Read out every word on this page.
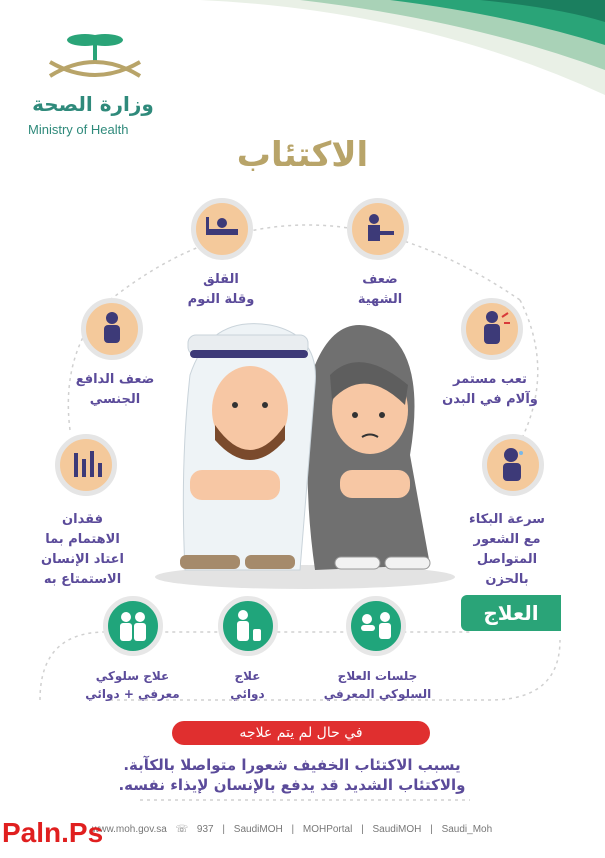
وزارة الصحة
Ministry of Health
الاكتئاب
القلق
وقلة النوم
ضعف
الشهية
ضعف الدافع
الجنسي
تعب مستمر
وآلام في البدن
فقدان
الاهتمام بما
اعتاد الإنسان
الاستمتاع به
سرعة البكاء
مع الشعور
المتواصل
بالحزن
العلاج
علاج سلوكي
معرفي + دوائي
علاج
دوائي
جلسات العلاج
السلوكي المعرفي
في حال لم يتم علاجه
يسبب الاكتئاب الخفيف شعورا متواصلا بالكآبة.
والاكتئاب الشديد قد يدفع بالإنسان لإيذاء نفسه.
www.moh.gov.sa ☏ 937 | SaudiMOH | MOHPortal | SaudiMOH | Saudi_Moh
Paln.Ps
